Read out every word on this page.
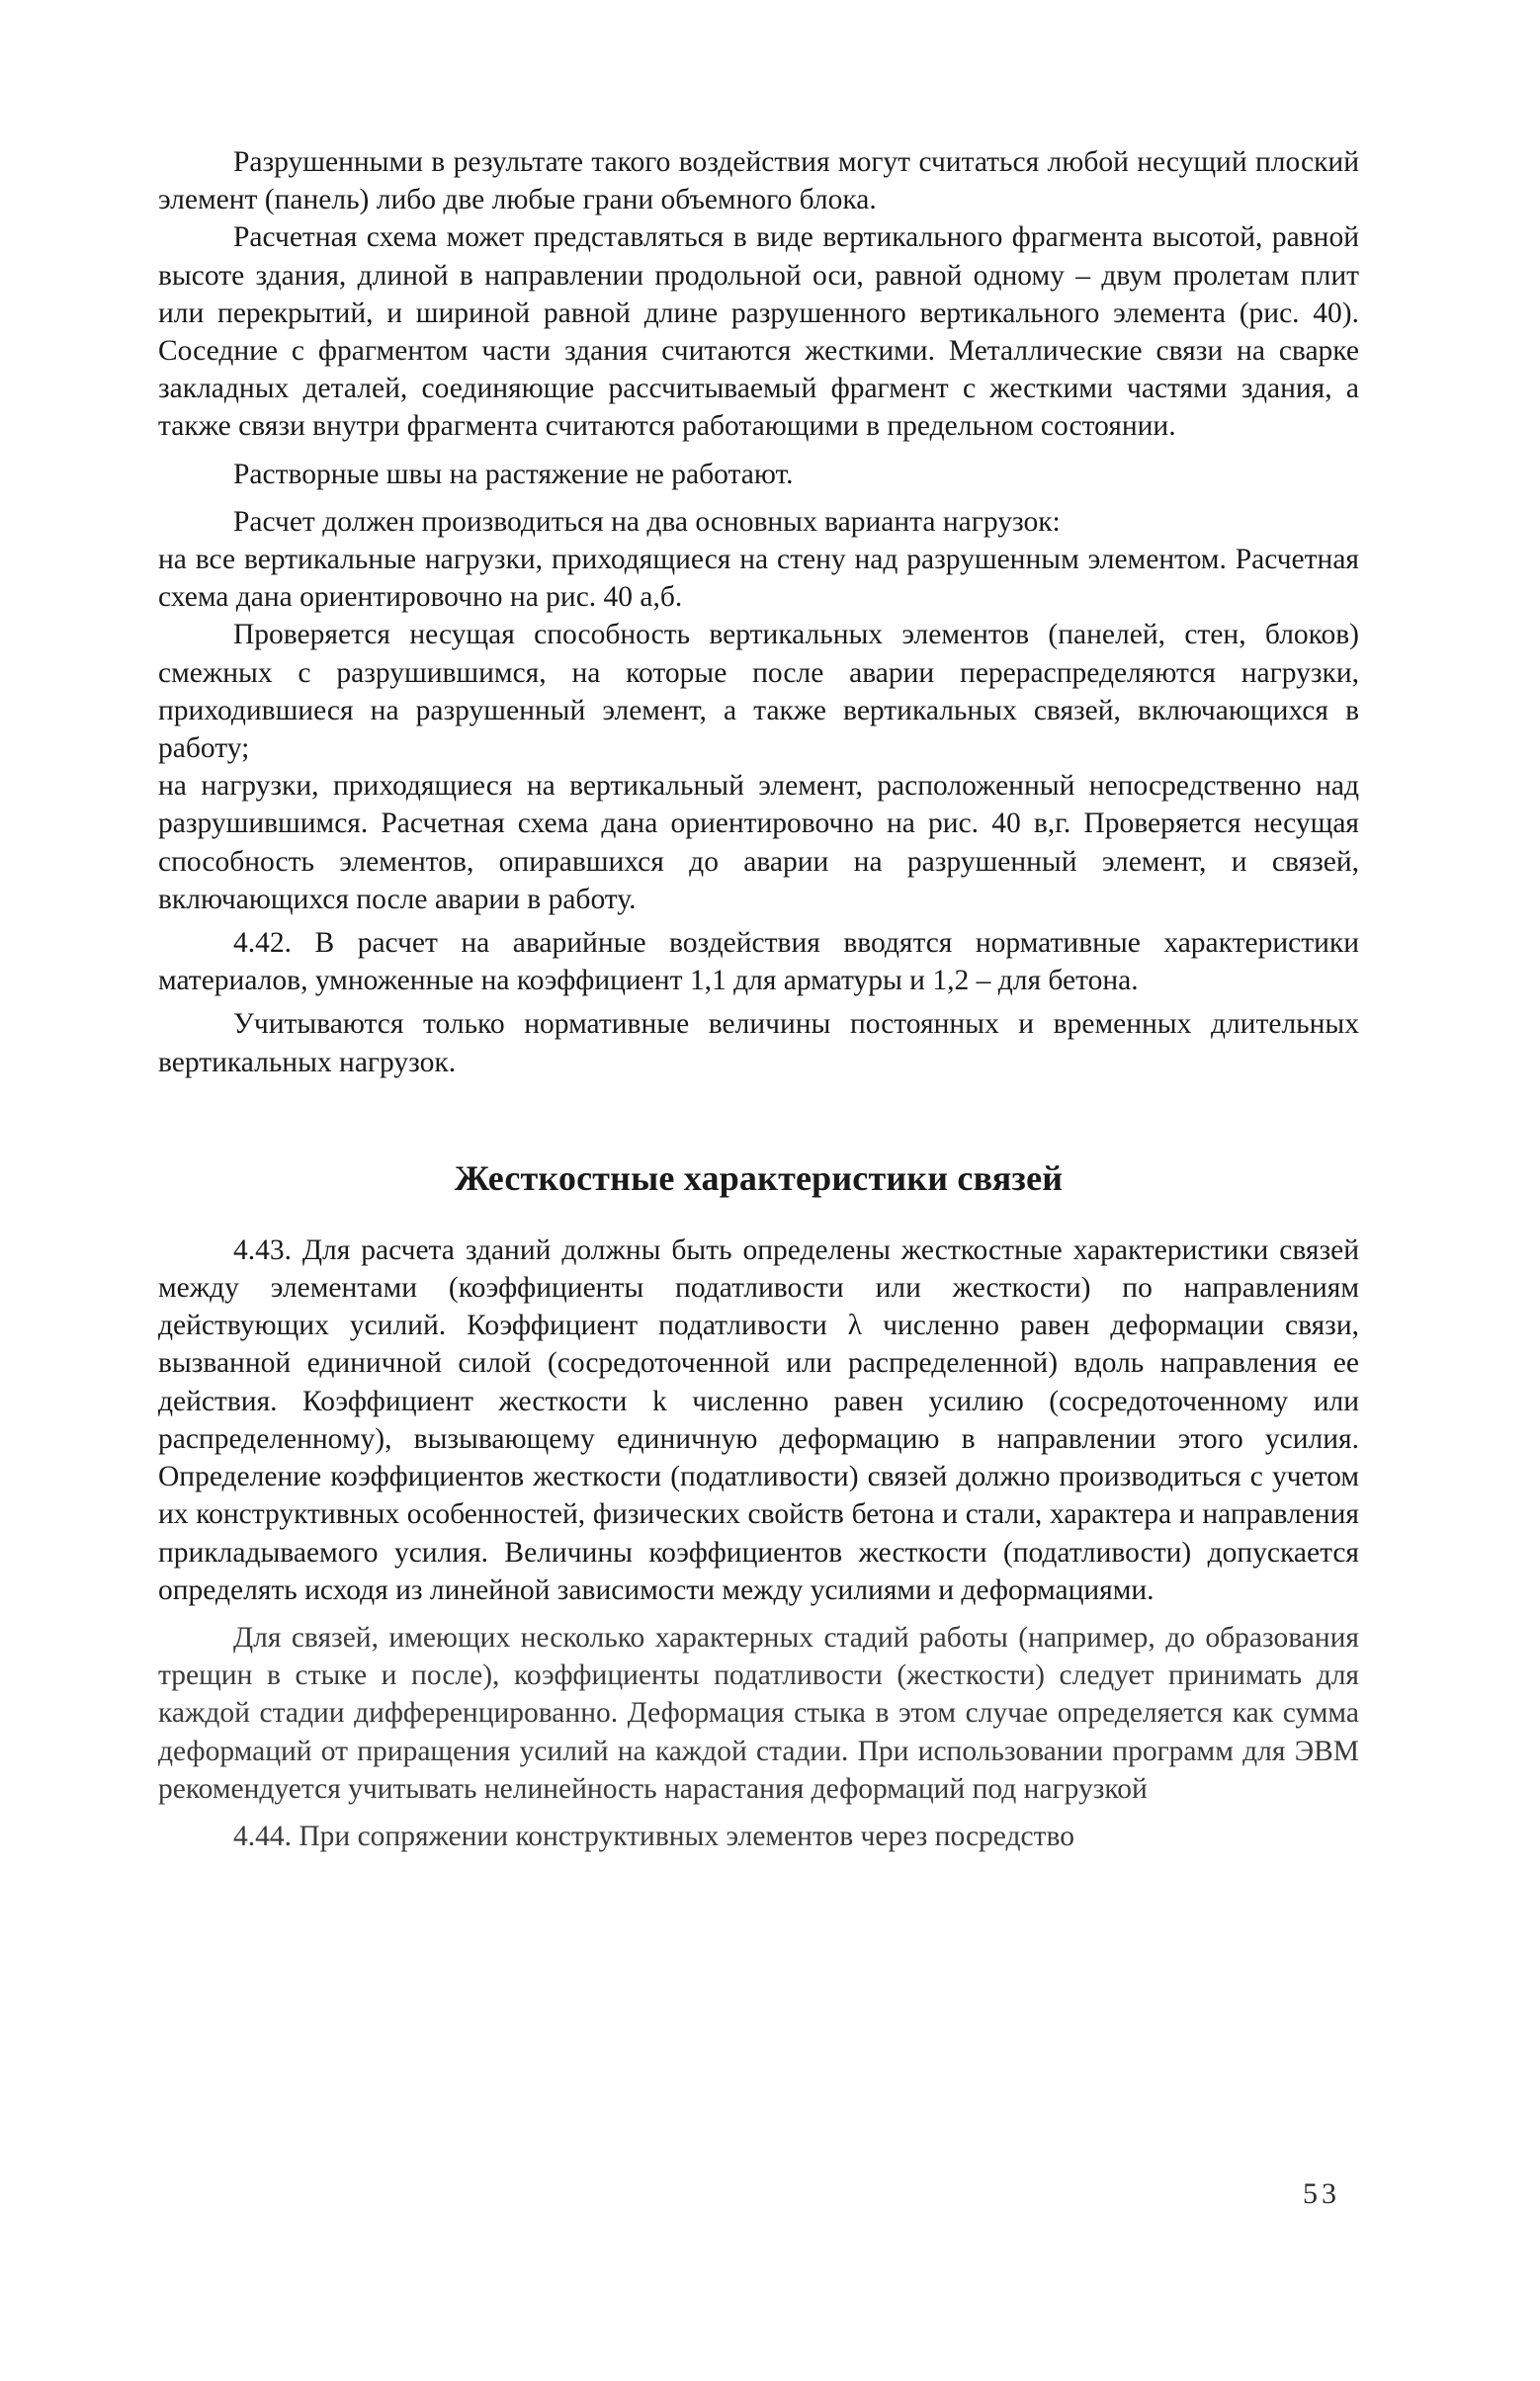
Разрушенными в результате такого воздействия могут считаться любой несущий плоский элемент (панель) либо две любые грани объемного блока.

Расчетная схема может представляться в виде вертикального фрагмента высотой, равной высоте здания, длиной в направлении продольной оси, равной одному – двум пролетам плит или перекрытий, и шириной равной длине разрушенного вертикального элемента (рис. 40). Соседние с фрагментом части здания считаются жесткими. Металлические связи на сварке закладных деталей, соединяющие рассчитываемый фрагмент с жесткими частями здания, а также связи внутри фрагмента считаются работающими в предельном состоянии.

Растворные швы на растяжение не работают.

Расчет должен производиться на два основных варианта нагрузок:

на все вертикальные нагрузки, приходящиеся на стену над разрушенным элементом. Расчетная схема дана ориентировочно на рис. 40 а,б.

Проверяется несущая способность вертикальных элементов (панелей, стен, блоков) смежных с разрушившимся, на которые после аварии перераспределяются нагрузки, приходившиеся на разрушенный элемент, а также вертикальных связей, включающихся в работу;

на нагрузки, приходящиеся на вертикальный элемент, расположенный непосредственно над разрушившимся. Расчетная схема дана ориентировочно на рис. 40 в,г. Проверяется несущая способность элементов, опиравшихся до аварии на разрушенный элемент, и связей, включающихся после аварии в работу.

4.42. В расчет на аварийные воздействия вводятся нормативные характеристики материалов, умноженные на коэффициент 1,1 для арматуры и 1,2 – для бетона.

Учитываются только нормативные величины постоянных и временных длительных вертикальных нагрузок.

Жесткостные характеристики связей

4.43. Для расчета зданий должны быть определены жесткостные характеристики связей между элементами (коэффициенты податливости или жесткости) по направлениям действующих усилий. Коэффициент податливости λ численно равен деформации связи, вызванной единичной силой (сосредоточенной или распределенной) вдоль направления ее действия. Коэффициент жесткости k численно равен усилию (сосредоточенному или распределенному), вызывающему единичную деформацию в направлении этого усилия. Определение коэффициентов жесткости (податливости) связей должно производиться с учетом их конструктивных особенностей, физических свойств бетона и стали, характера и направления прикладываемого усилия. Величины коэффициентов жесткости (податливости) допускается определять исходя из линейной зависимости между усилиями и деформациями.

Для связей, имеющих несколько характерных стадий работы (например, до образования трещин в стыке и после), коэффициенты податливости (жесткости) следует принимать для каждой стадии дифференцированно. Деформация стыка в этом случае определяется как сумма деформаций от приращения усилий на каждой стадии. При использовании программ для ЭВМ рекомендуется учитывать нелинейность нарастания деформаций под нагрузкой

4.44. При сопряжении конструктивных элементов через посредство

53
